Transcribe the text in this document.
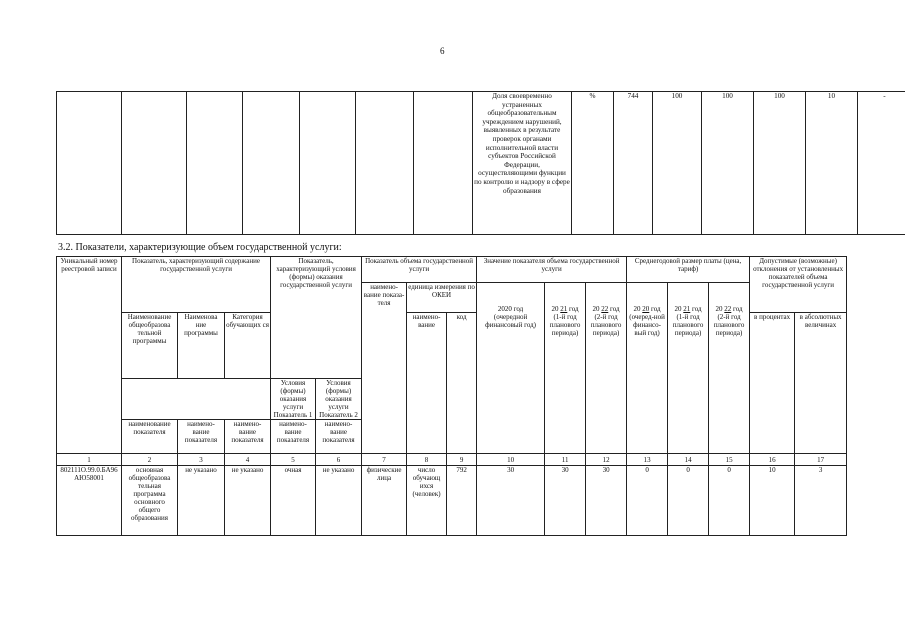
6
							Доля своевременно устраненных общеобразовательным учреждением нарушений, выявленных в результате проверок органами исполнительной власти субъектов Российской Федерации, осуществляющими функции по контролю и надзору в сфере образования	%	744	100	100	100	10	-
3.2. Показатели, характеризующие объем государственной услуги:
Уникальный номер реестровой записи	Показатель, характеризующий содержание государственной услуги			Показатель, характеризующий условия (формы) оказания государственной услуги		Показатель объема государственной услуги			Значение показателя объема государственной услуги			Среднегодовой размер платы (цена, тариф)			Допустимые (возможные) отклонения от установленных показателей объема государственной услуги	
						наимено-вание показа-теля	единица измерения по ОКЕИ		2020 год	20 21 год	20 22 год	20 20 год	20 21 год	20 22 год		
	Наименование общеобразова тельной программы	Наименова ние программы	Категория обучающих ся				наимено-вание	код	(очередной финансовый год)	(1-й год планового периода)	(2-й год планового периода)	(очеред-ной финансо-вый год)	(1-й год планового периода)	(2-й год планового периода)	в процентах	в абсолютных величинах
				Условия (формы) оказания услуги Показатель 1	Условия (формы) оказания услуги Показатель 2											
	наименование показателя	наимено-вание показателя	наимено-вание показателя	наимено-вание показателя	наимено-вание показателя											
1	2	3	4	5	6	7	8	9	10	11	12	13	14	15	16	17
802111О.99.0.БА96АЮ58001	основная общеобразова тельная программа основного общего образования	не указано	не указано	очная	не указано	физические лица	число обучающ ихся (человек)	792	30	30	30	0	0	0	10	3
